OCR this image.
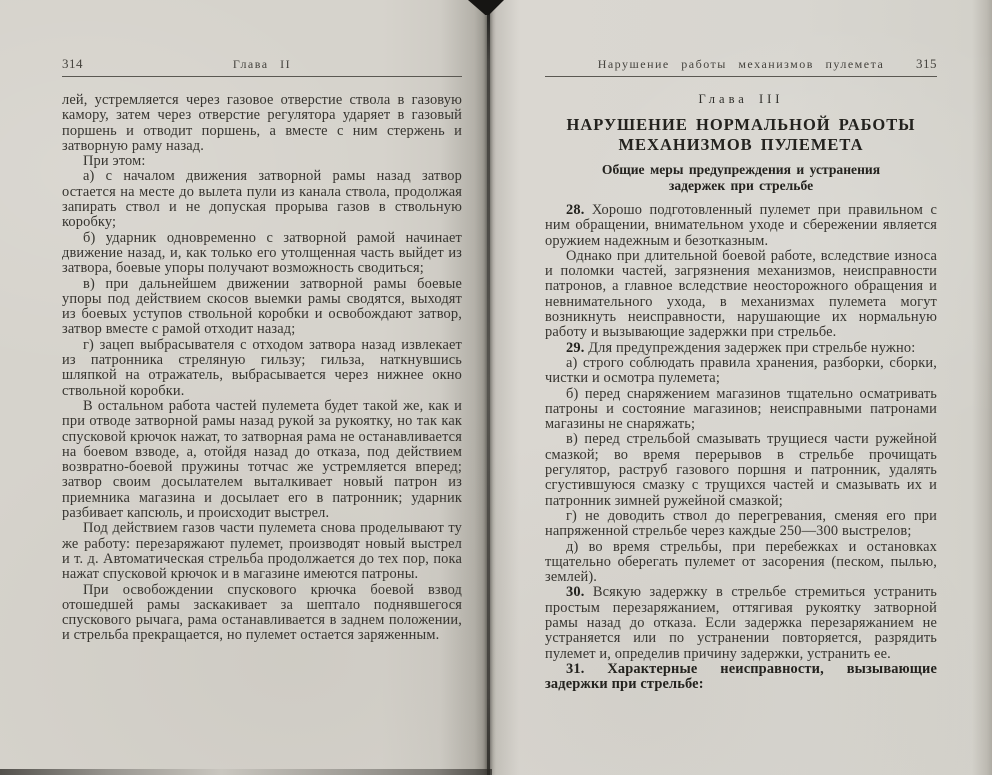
314	Глава II

лей, устремляется через газовое отверстие ствола в газовую камору, затем через отверстие регулятора ударяет в газовый поршень и отводит поршень, а вместе с ним стержень и затворную раму назад.

При этом:

а) с началом движения затворной рамы назад затвор остается на месте до вылета пули из канала ствола, продолжая запирать ствол и не допуская прорыва газов в ствольную коробку;

б) ударник одновременно с затворной рамой начинает движение назад, и, как только его утолщенная часть выйдет из затвора, боевые упоры получают возможность сводиться;

в) при дальнейшем движении затворной рамы боевые упоры под действием скосов выемки рамы сводятся, выходят из боевых уступов ствольной коробки и освобождают затвор, затвор вместе с рамой отходит назад;

г) зацеп выбрасывателя с отходом затвора назад извлекает из патронника стреляную гильзу; гильза, наткнувшись шляпкой на отражатель, выбрасывается через нижнее окно ствольной коробки.

В остальном работа частей пулемета будет такой же, как и при отводе затворной рамы назад рукой за рукоятку, но так как спусковой крючок нажат, то затворная рама не останавливается на боевом взводе, а, отойдя назад до отказа, под действием возвратно-боевой пружины тотчас же устремляется вперед; затвор своим досылателем выталкивает новый патрон из приемника магазина и досылает его в патронник; ударник разбивает капсюль, и происходит выстрел.

Под действием газов части пулемета снова проделывают ту же работу: перезаряжают пулемет, производят новый выстрел и т. д. Автоматическая стрельба продолжается до тех пор, пока нажат спусковой крючок и в магазине имеются патроны.

При освобождении спускового крючка боевой взвод отошедшей рамы заскакивает за шептало поднявшегося спускового рычага, рама останавливается в заднем положении, и стрельба прекращается, но пулемет остается заряженным.

Нарушение работы механизмов пулемета	315
Глава III
НАРУШЕНИЕ НОРМАЛЬНОЙ РАБОТЫ
МЕХАНИЗМОВ ПУЛЕМЕТА
Общие меры предупреждения и устранения
задержек при стрельбе

28. Хорошо подготовленный пулемет при правильном с ним обращении, внимательном уходе и сбережении является оружием надежным и безотказным.

Однако при длительной боевой работе, вследствие износа и поломки частей, загрязнения механизмов, неисправности патронов, а главное вследствие неосторожного обращения и невнимательного ухода, в механизмах пулемета могут возникнуть неисправности, нарушающие их нормальную работу и вызывающие задержки при стрельбе.

29. Для предупреждения задержек при стрельбе нужно:

а) строго соблюдать правила хранения, разборки, сборки, чистки и осмотра пулемета;

б) перед снаряжением магазинов тщательно осматривать патроны и состояние магазинов; неисправными патронами магазины не снаряжать;

в) перед стрельбой смазывать трущиеся части ружейной смазкой; во время перерывов в стрельбе прочищать регулятор, раструб газового поршня и патронник, удалять сгустившуюся смазку с трущихся частей и смазывать их и патронник зимней ружейной смазкой;

г) не доводить ствол до перегревания, сменяя его при напряженной стрельбе через каждые 250—300 выстрелов;

д) во время стрельбы, при перебежках и остановках тщательно оберегать пулемет от засорения (песком, пылью, землей).

30. Всякую задержку в стрельбе стремиться устранить простым перезаряжанием, оттягивая рукоятку затворной рамы назад до отказа. Если задержка перезаряжанием не устраняется или по устранении повторяется, разрядить пулемет и, определив причину задержки, устранить ее.

31. Характерные неисправности, вызывающие задержки при стрельбе:
